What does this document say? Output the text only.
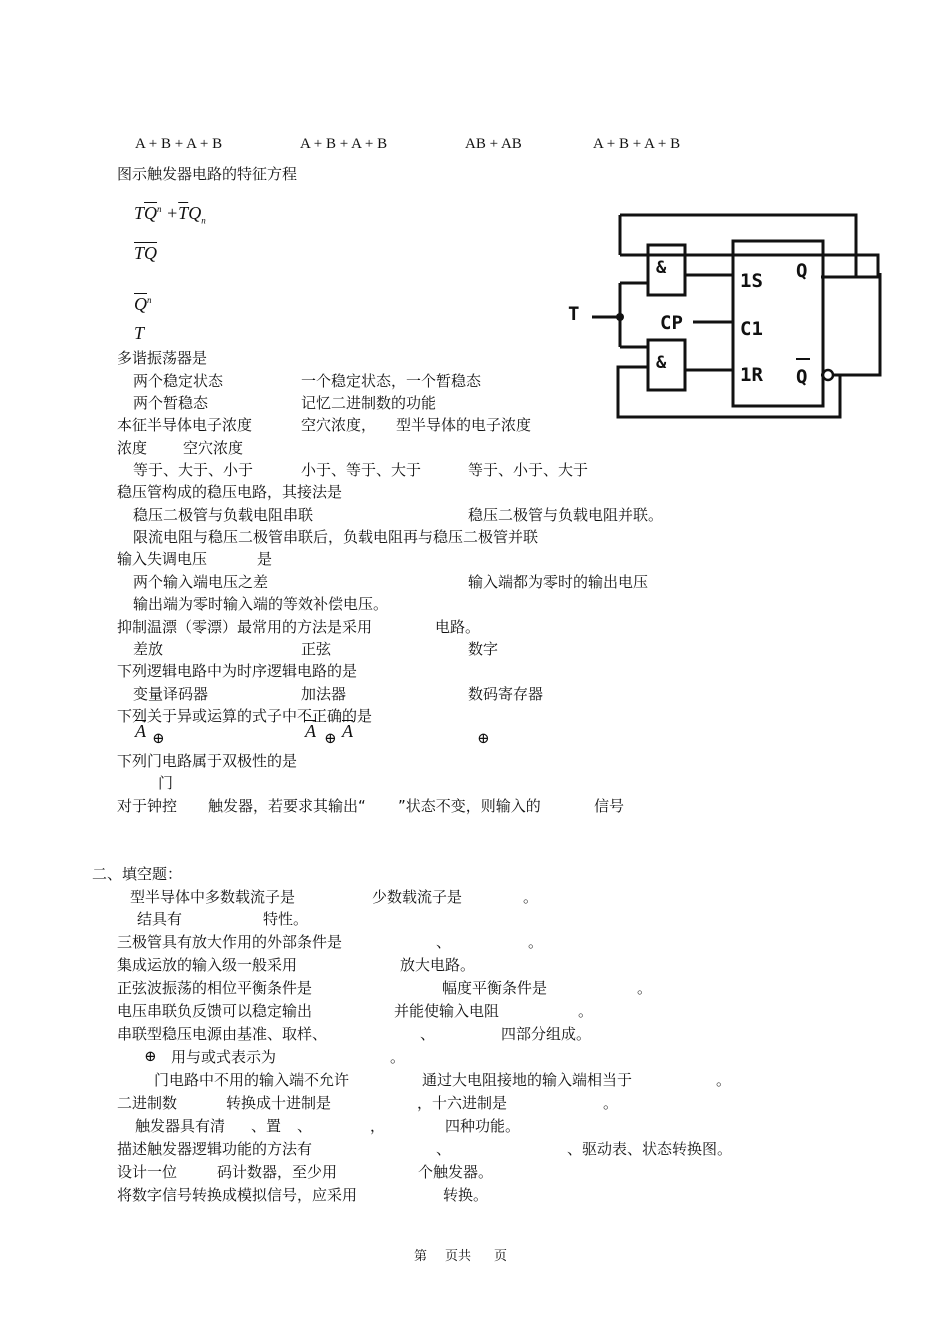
A + B + A + B	A + B + A + B	AB + AB	A + B + A + B
图示触发器电路的特征方程
$T\overline{Q}^n +\overline{T}Q_n$
$\overline{T}\overline{Q}$
$\overline{Q}^n$
T
&
&
T	CP
1S
C1
1R
Q
Q
多谐振荡器是
两个稳定状态	一个稳定状态，一个暂稳态
两个暂稳态	记忆二进制数的功能
本征半导体电子浓度	空穴浓度， 型半导体的电子浓度
浓度 空穴浓度
等于、大于、小于	小于、等于、大于	等于、小于、大于
稳压管构成的稳压电路，其接法是
稳压二极管与负载电阻串联	稳压二极管与负载电阻并联。
限流电阻与稳压二极管串联后，负载电阻再与稳压二极管并联
输入失调电压	是
两个输入端电压之差	输入端都为零时的输出电压
输出端为零时输入端的等效补偿电压。
抑制温漂（零漂）最常用的方法是采用	电路。
差放	正弦	数字
下列逻辑电路中为时序逻辑电路的是
变量译码器	加法器	数码寄存器
下列关于异或运算的式子中不正确的是
$\overline{A}$ ⊕	$\overline{A}$ ⊕ $\overline{A}$	⊕
下列门电路属于双极性的是
门
对于钟控 触发器，若要求其输出“ ”状态不变，则输入的	信号
二、填空题：
型半导体中多数载流子是	少数载流子是	。
结具有	特性。
三极管具有放大作用的外部条件是	、	。
集成运放的输入级一般采用	放大电路。
正弦波振荡的相位平衡条件是	幅度平衡条件是	。
电压串联负反馈可以稳定输出	并能使输入电阻	。
串联型稳压电源由基准、取样、	、	四部分组成。
⊕ 用与或式表示为	。
门电路中不用的输入端不允许	通过大电阻接地的输入端相当于	。
二进制数	转换成十进制是	，十六进制是	。
触发器具有清 、置 、	，	四种功能。
描述触发器逻辑功能的方法有	、	、驱动表、状态转换图。
设计一位	码计数器，至少用	个触发器。
将数字信号转换成模拟信号，应采用	转换。
第 页共 页
